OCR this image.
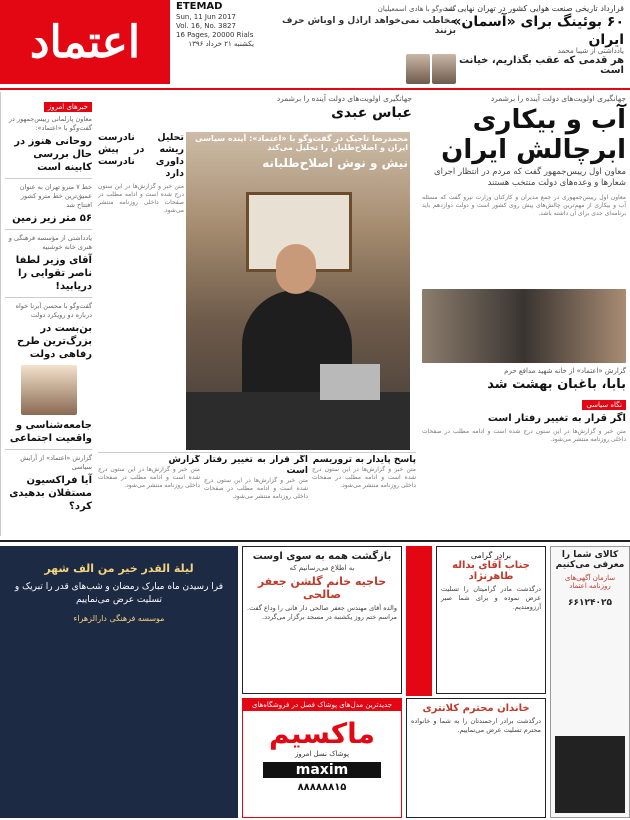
اعتماد
ETEMAD
Sun, 11 Jun 2017
Vol. 16, No. 3827
16 Pages, 20000 Rials
یکشنبه ۲۱ خرداد ۱۳۹۶
گفت‌وگو با هادی اسمعیلیان
مخاطب نمی‌خواهد اراذل و اوباش حرف بزنند
قرارداد تاریخی صنعت هوایی کشور در تهران نهایی شد
۶۰ بوئینگ برای «آسمان» ایران
یادداشتی از شیبا محمد
هر قدمی که عقب بگذاریم، خیانت است
خبرهای امروز
معاون پارلمانی رییس‌جمهور در گفت‌وگو با «اعتماد»:
روحانی هنوز در حال بررسی کابینه است
خط ۷ مترو تهران به عنوان عمیق‌ترین خط مترو کشور افتتاح شد
۵۶ متر زیر زمین
یادداشتی از مؤسسه فرهنگی و هنری خانه خوشنیه
آقای وزیر لطفا ناصر تقوایی را دریابید!
گفت‌وگو با محسن آبرنا خواه درباره دو رویکرد دولت
بن‌بست در بزرگ‌ترین طرح رفاهی دولت
جامعه‌شناسی و واقعیت اجتماعی
گزارش «اعتماد» از آرایش سیاسی
آیا فراکسیون مستقلان بدهیدی کرد؟
جهانگیری اولویت‌های دولت آینده را برشمرد
عباس عبدی
تحلیل نادرست ریشه در پیش داوری نادرست دارد
متن خبر و گزارش‌ها در این ستون درج شده است و ادامه مطلب در صفحات داخلی روزنامه منتشر می‌شود.
محمدرضا تاجیک در گفت‌وگو با «اعتماد»: آینده سیاسی ایران و اصلاح‌طلبان را تحلیل می‌کند
نیش و نوش اصلاح‌طلبانه
پاسخ پایدار به تروریسم
متن خبر و گزارش‌ها در این ستون درج شده است و ادامه مطلب در صفحات داخلی روزنامه منتشر می‌شود.
اگر قرار به تغییر رفتار است
متن خبر و گزارش‌ها در این ستون درج شده است و ادامه مطلب در صفحات داخلی روزنامه منتشر می‌شود.
گزارش
متن خبر و گزارش‌ها در این ستون درج شده است و ادامه مطلب در صفحات داخلی روزنامه منتشر می‌شود.
جهانگیری اولویت‌های دولت آینده را برشمرد
آب و بیکاری ابرچالش ایران
معاون اول رییس‌جمهور گفت که مردم در انتظار اجرای شعارها و وعده‌های دولت منتخب هستند
معاون اول رییس‌جمهوری در جمع مدیران و کارکنان وزارت نیرو گفت که مسئله آب و بیکاری از مهم‌ترین چالش‌های پیش روی کشور است و دولت دوازدهم باید برنامه‌ای جدی برای آن داشته باشد.
گزارش «اعتماد» از خانه شهید مدافع حرم
بابا، باغبان بهشت شد
نگاه سیاسی
اگر قرار به تغییر رفتار است
متن خبر و گزارش‌ها در این ستون درج شده است و ادامه مطلب در صفحات داخلی روزنامه منتشر می‌شود.
لیلة القدر خیر من الف شهر
فرا رسیدن ماه مبارک رمضان و شب‌های قدر را تبریک و تسلیت عرض می‌نماییم
موسسه فرهنگی دارالزهراء
بازگشت همه به سوی اوست
به اطلاع می‌رسانیم که
حاجیه خانم گلشن جعفر صالحی
والده آقای مهندس جعفر صالحی دار فانی را وداع گفت. مراسم ختم روز یکشنبه در مسجد برگزار می‌گردد.
جدیدترین مدل‌های پوشاک فصل در فروشگاه‌های
ماکسیم
پوشاک نسل امروز
maxim
۸۸۸۸۸۸۱۵
برادر گرامی
جناب آقای بداله طاهرنژاد
درگذشت مادر گرامیتان را تسلیت عرض نموده و برای شما صبر آرزومندیم.
کالای شما را معرفی می‌کنیم
سازمان آگهی‌های روزنامه اعتماد
۶۶۱۲۴۰۲۵
خاندان محترم کلانتری
درگذشت برادر ارجمندتان را به شما و خانواده محترم تسلیت عرض می‌نماییم.
